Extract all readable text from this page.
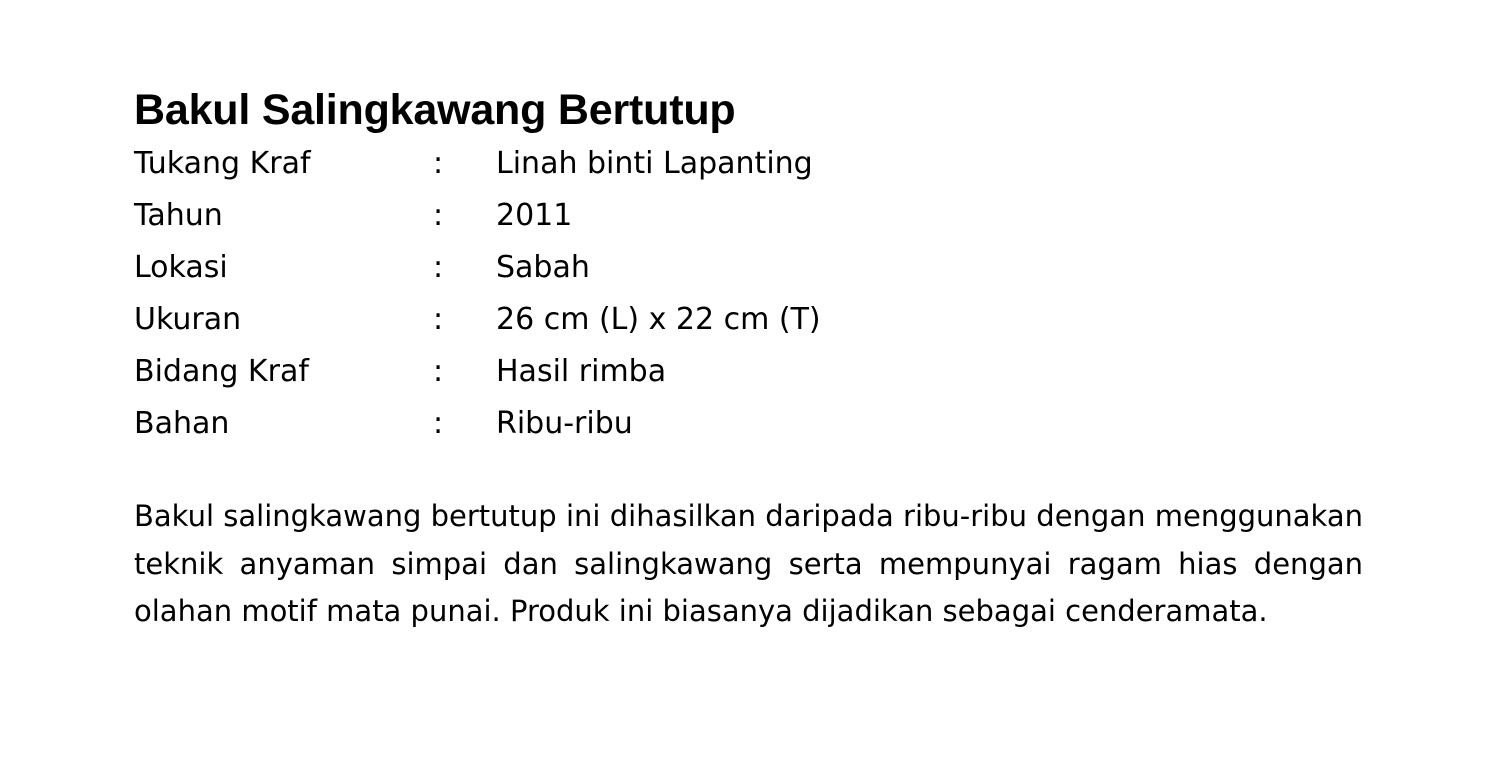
Bakul Salingkawang Bertutup
Tukang Kraf	:	Linah binti Lapanting
Tahun	:	2011
Lokasi	:	Sabah
Ukuran	:	26 cm (L) x 22 cm (T)
Bidang Kraf	:	Hasil rimba
Bahan	:	Ribu-ribu

Bakul salingkawang bertutup ini dihasilkan daripada ribu-ribu dengan menggunakan teknik anyaman simpai dan salingkawang serta mempunyai ragam hias dengan olahan motif mata punai. Produk ini biasanya dijadikan sebagai cenderamata.
